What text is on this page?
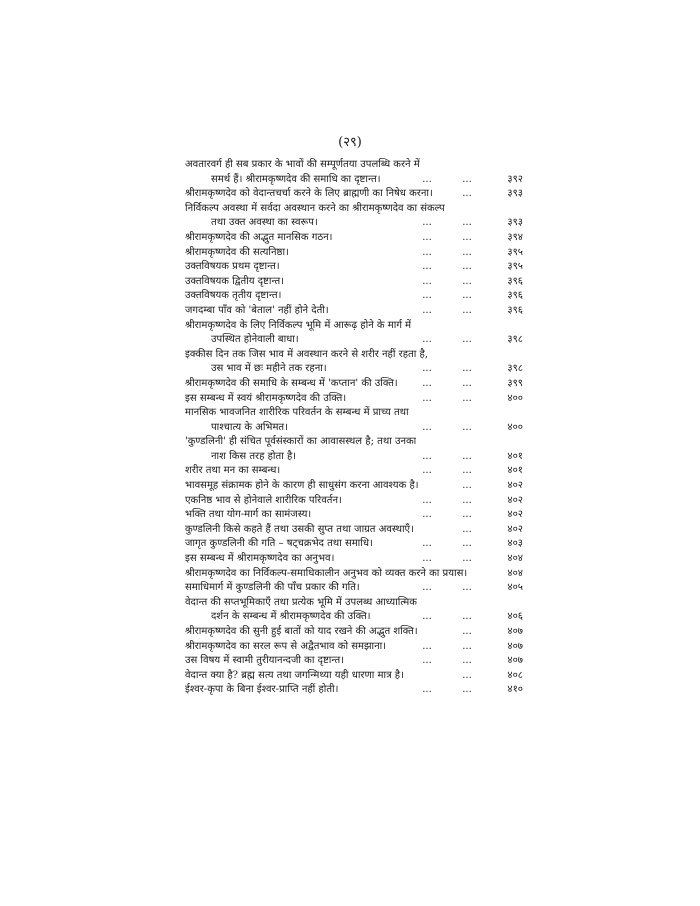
(२९)
अवतारवर्ग ही सब प्रकार के भावों की सम्पूर्णतया उपलब्धि करने में
समर्थ हैं। श्रीरामकृष्णदेव की समाधि का दृष्टान्त।	...	...	३९२
श्रीरामकृष्णदेव को वेदान्तचर्चा करने के लिए ब्राह्मणी का निषेध करना।	...	३९३
निर्विकल्प अवस्था में सर्वदा अवस्थान करने का श्रीरामकृष्णदेव का संकल्प
तथा उक्त अवस्था का स्वरूप।	...	...	३९३
श्रीरामकृष्णदेव की अद्भुत मानसिक गठन।	...	...	३९४
श्रीरामकृष्णदेव की सत्यनिष्ठा।	...	...	३९५
उक्तविषयक प्रथम दृष्टान्त।	...	...	३९५
उक्तविषयक द्वितीय दृष्टान्त।	...	...	३९६
उक्तविषयक तृतीय दृष्टान्त।	...	...	३९६
जगदम्बा पाँव को 'बेताल' नहीं होने देती।	...	...	३९६
श्रीरामकृष्णदेव के लिए निर्विकल्प भूमि में आरूढ़ होने के मार्ग में
उपस्थित होनेवाली बाधा।	...	...	३९८
इक्कीस दिन तक जिस भाव में अवस्थान करने से शरीर नहीं रहता है,
उस भाव में छः महीने तक रहना।	...	...	३९८
श्रीरामकृष्णदेव की समाधि के सम्बन्ध में 'कप्तान' की उक्ति।	...	...	३९९
इस सम्बन्ध में स्वयं श्रीरामकृष्णदेव की उक्ति।	...	...	४००
मानसिक भावजनित शारीरिक परिवर्तन के सम्बन्ध में प्राच्य तथा
पाश्चात्य के अभिमत।	...	...	४००
'कुण्डलिनी' ही संचित पूर्वसंस्कारों का आवासस्थल है; तथा उनका
नाश किस तरह होता है।	...	...	४०१
शरीर तथा मन का सम्बन्ध।	...	...	४०१
भावसमूह संक्रामक होने के कारण ही साधुसंग करना आवश्यक है।	...	४०२
एकनिष्ठ भाव से होनेवाले शारीरिक परिवर्तन।	...	...	४०२
भक्ति तथा योग-मार्ग का सामंजस्य।	...	...	४०२
कुण्डलिनी किसे कहते हैं तथा उसकी सुप्त तथा जाग्रत अवस्थाएँ।	...	४०२
जागृत कुण्डलिनी की गति – षट्चक्रभेद तथा समाधि।	...	...	४०३
इस सम्बन्ध में श्रीरामकृष्णदेव का अनुभव।	...	...	४०४
श्रीरामकृष्णदेव का निर्विकल्प-समाधिकालीन अनुभव को व्यक्त करने का प्रयास।	४०४
समाधिमार्ग में कुण्डलिनी की पाँच प्रकार की गति।	...	...	४०५
वेदान्त की सप्तभूमिकाएँ तथा प्रत्येक भूमि में उपलब्ध आध्यात्मिक
दर्शन के सम्बन्ध में श्रीरामकृष्णदेव की उक्ति।	...	...	४०६
श्रीरामकृष्णदेव की सुनी हुई बातों को याद रखने की अद्भुत शक्ति।	...	४०७
श्रीरामकृष्णदेव का सरल रूप से अद्वैतभाव को समझाना।	...	...	४०७
उस विषय में स्वामी तुरीयानन्दजी का दृष्टान्त।	...	...	४०७
वेदान्त क्या है? ब्रह्म सत्य तथा जगन्मिथ्या यही धारणा मात्र है।	...	४०८
ईश्वर-कृपा के बिना ईश्वर-प्राप्ति नहीं होती।	...	...	४१०
